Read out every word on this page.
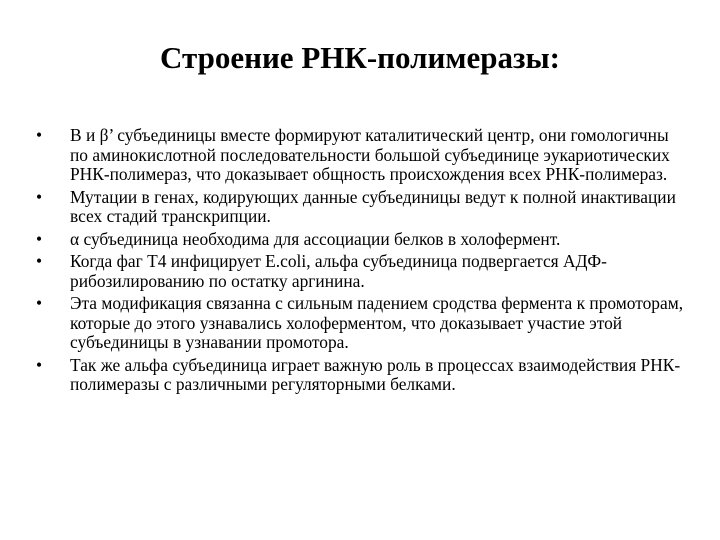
Строение РНК-полимеразы:
•	В и β’ субъединицы вместе формируют каталитический центр, они гомологичны по аминокислотной последовательности большой субъединице эукариотических РНК-полимераз, что доказывает общность происхождения всех РНК-полимераз.
•	Мутации в генах, кодирующих данные субъединицы ведут к полной инактивации всех стадий транскрипции.
•	α субъединица необходима для ассоциации белков в холофермент.
•	Когда фаг Т4 инфицирует E.coli, альфа субъединица подвергается АДФ-рибозилированию по остатку аргинина.
•	Эта модификация связанна с сильным падением сродства фермента к промоторам, которые до этого узнавались холоферментом, что доказывает участие этой субъединицы в узнавании промотора.
•	Так же альфа субъединица играет важную роль в процессах взаимодействия РНК-полимеразы с различными регуляторными белками.
